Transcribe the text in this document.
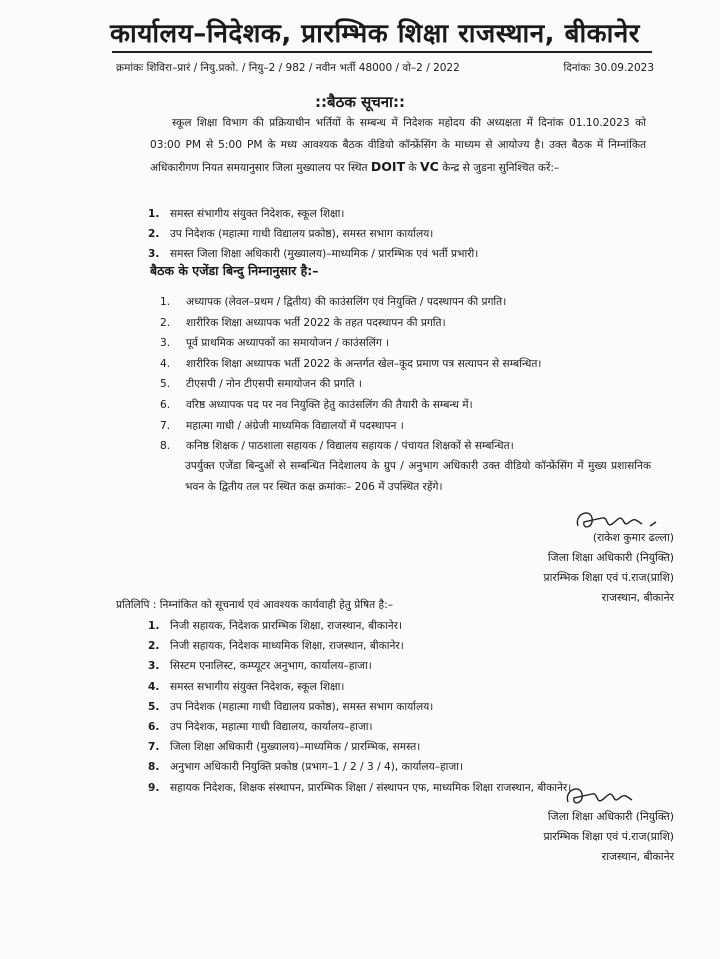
कार्यालय–निदेशक, प्रारम्भिक शिक्षा राजस्थान, बीकानेर
क्रमांकः शिविरा–प्रारं / नियु.प्रको. / नियु–2 / 982 / नवीन भर्ती 48000 / वो–2 / 2022	दिनांकः 30.09.2023
::बैठक सूचना::
स्कूल शिक्षा विभाग की प्रक्रियाधीन भर्तियों के सम्बन्ध में निदेशक महोदय की अध्यक्षता में दिनांक 01.10.2023 को 03:00 PM से 5:00 PM के मध्य आवश्यक बैठक वीडियो कॉन्फ्रेंसिंग के माध्यम से आयोज्य है। उक्त बैठक में निम्नांकित अधिकारीगण नियत समयानुसार जिला मुख्यालय पर स्थित DOIT के VC केन्द्र से जुडना सुनिश्चित करें:–
1. समस्त संभागीय संयुक्त निदेशक, स्कूल शिक्षा।
2. उप निदेशक (महात्मा गाधी विद्यालय प्रकोष्ठ), समस्त सभाग कार्यालय।
3. समस्त जिला शिक्षा अधिकारी (मुख्यालय)–माध्यमिक / प्रारम्भिक एवं भर्ती प्रभारी।
बैठक के एजेंडा बिन्दु निम्नानुसार है:–
1. अध्यापक (लेवल–प्रथम / द्वितीय) की काउंसलिंग एवं नियुक्ति / पदस्थापन की प्रगति।
2. शारीरिक शिक्षा अध्यापक भर्ती 2022 के तहत पदस्थापन की प्रगति।
3. पूर्व प्राथमिक अध्यापकों का समायोजन / काउंसलिंग ।
4. शारीरिक शिक्षा अध्यापक भर्ती 2022 के अन्तर्गत खेल–कूद प्रमाण पत्र सत्यापन से सम्बन्धित।
5. टीएसपी / नोन टीएसपी समायोजन की प्रगति ।
6. वरिष्ठ अध्यापक पद पर नव नियुक्ति हेतु काउंसलिंग की तैयारी के सम्बन्ध में।
7. महात्मा गाधी / अंग्रेजी माध्यमिक विद्यालयों में पदस्थापन ।
8. कनिष्ठ शिक्षक / पाठशाला सहायक / विद्यालय सहायक / पंचायत शिक्षकों से सम्बन्धित।
उपर्युक्त एजेंडा बिन्दुओं से सम्बन्धित निदेशालय के ग्रुप / अनुभाग अधिकारी उक्त वीडियो कॉन्फ्रेंसिंग में मुख्य प्रशासनिक भवन के द्वितीय तल पर स्थित कक्ष क्रमांकः– 206 में उपस्थित रहेंगे।
(राकेश कुमार ढल्ला)
जिला शिक्षा अधिकारी (नियुक्ति)
प्रारम्भिक शिक्षा एवं पं.राज(प्राशि)
राजस्थान, बीकानेर
प्रतिलिपि : निम्नांकित को सूचनार्थ एवं आवश्यक कार्यवाही हेतु प्रेषित है:–
1. निजी सहायक, निदेशक प्रारम्भिक शिक्षा, राजस्थान, बीकानेर।
2. निजी सहायक, निदेशक माध्यमिक शिक्षा, राजस्थान, बीकानेर।
3. सिस्टम एनालिस्ट, कम्प्यूटर अनुभाग, कार्यालय–हाजा।
4. समस्त सभागीय संयुक्त निदेशक, स्कूल शिक्षा।
5. उप निदेशक (महात्मा गाधी विद्यालय प्रकोष्ठ), समस्त सभाग कार्यालय।
6. उप निदेशक, महात्मा गाधी विद्यालय, कार्यालय–हाजा।
7. जिला शिक्षा अधिकारी (मुख्यालय)–माध्यमिक / प्रारम्भिक, समस्त।
8. अनुभाग अधिकारी नियुक्ति प्रकोष्ठ (प्रभाग–1 / 2 / 3 / 4), कार्यालय–हाजा।
9. सहायक निदेशक, शिक्षक संस्थापन, प्रारम्भिक शिक्षा / संस्थापन एफ, माध्यमिक शिक्षा राजस्थान, बीकानेर।
जिला शिक्षा अधिकारी (नियुक्ति)
प्रारम्भिक शिक्षा एवं पं.राज(प्राशि)
राजस्थान, बीकानेर
